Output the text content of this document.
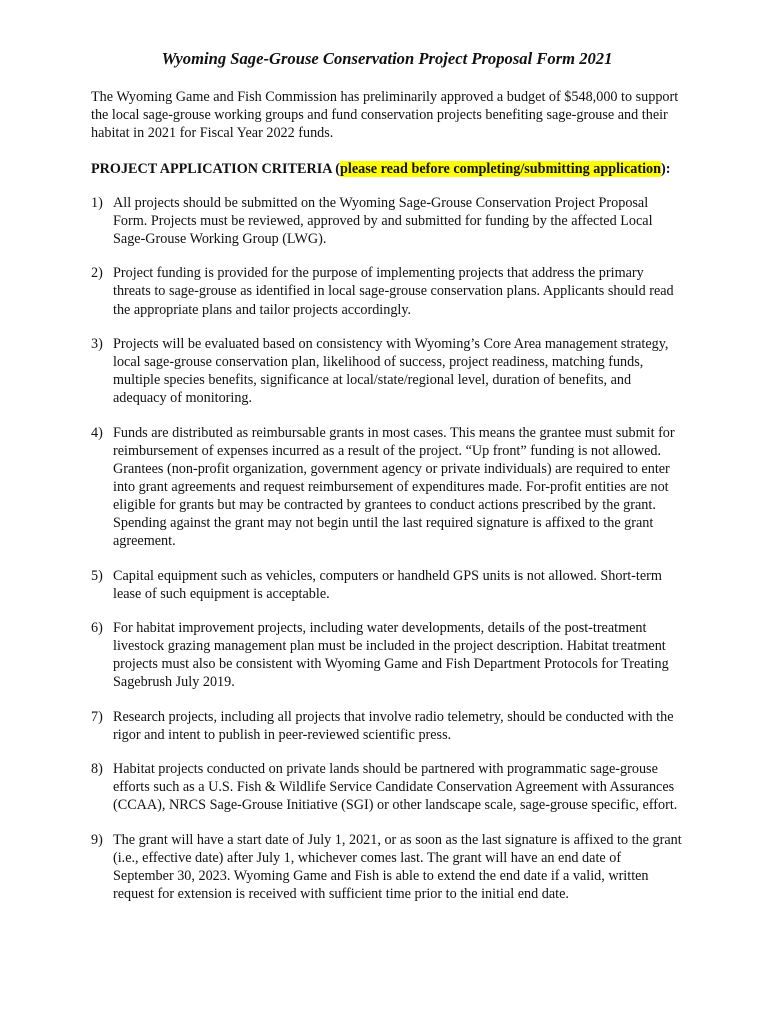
Wyoming Sage-Grouse Conservation Project Proposal Form 2021

The Wyoming Game and Fish Commission has preliminarily approved a budget of $548,000 to support the local sage-grouse working groups and fund conservation projects benefiting sage-grouse and their habitat in 2021 for Fiscal Year 2022 funds.

PROJECT APPLICATION CRITERIA (please read before completing/submitting application):

1) All projects should be submitted on the Wyoming Sage-Grouse Conservation Project Proposal Form. Projects must be reviewed, approved by and submitted for funding by the affected Local Sage-Grouse Working Group (LWG).
2) Project funding is provided for the purpose of implementing projects that address the primary threats to sage-grouse as identified in local sage-grouse conservation plans. Applicants should read the appropriate plans and tailor projects accordingly.
3) Projects will be evaluated based on consistency with Wyoming’s Core Area management strategy, local sage-grouse conservation plan, likelihood of success, project readiness, matching funds, multiple species benefits, significance at local/state/regional level, duration of benefits, and adequacy of monitoring.
4) Funds are distributed as reimbursable grants in most cases. This means the grantee must submit for reimbursement of expenses incurred as a result of the project. “Up front” funding is not allowed. Grantees (non-profit organization, government agency or private individuals) are required to enter into grant agreements and request reimbursement of expenditures made. For-profit entities are not eligible for grants but may be contracted by grantees to conduct actions prescribed by the grant. Spending against the grant may not begin until the last required signature is affixed to the grant agreement.
5) Capital equipment such as vehicles, computers or handheld GPS units is not allowed. Short-term lease of such equipment is acceptable.
6) For habitat improvement projects, including water developments, details of the post-treatment livestock grazing management plan must be included in the project description. Habitat treatment projects must also be consistent with Wyoming Game and Fish Department Protocols for Treating Sagebrush July 2019.
7) Research projects, including all projects that involve radio telemetry, should be conducted with the rigor and intent to publish in peer-reviewed scientific press.
8) Habitat projects conducted on private lands should be partnered with programmatic sage-grouse efforts such as a U.S. Fish & Wildlife Service Candidate Conservation Agreement with Assurances (CCAA), NRCS Sage-Grouse Initiative (SGI) or other landscape scale, sage-grouse specific, effort.
9) The grant will have a start date of July 1, 2021, or as soon as the last signature is affixed to the grant (i.e., effective date) after July 1, whichever comes last. The grant will have an end date of September 30, 2023. Wyoming Game and Fish is able to extend the end date if a valid, written request for extension is received with sufficient time prior to the initial end date.
